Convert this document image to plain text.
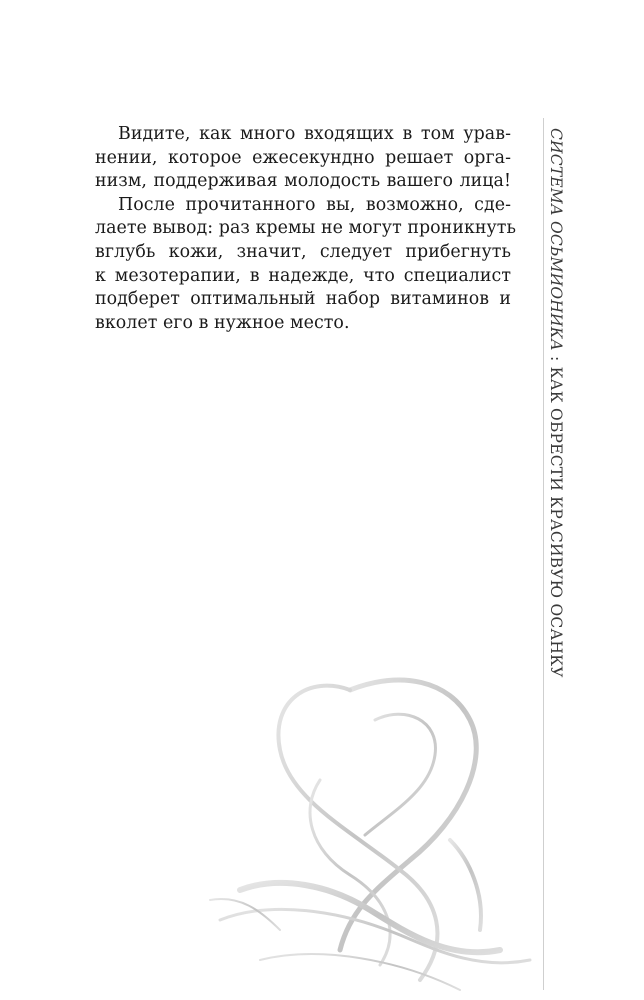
Видите, как много входящих в том урав-
нении, которое ежесекундно решает орга-
низм, поддерживая молодость вашего лица!
После прочитанного вы, возможно, сде-
лаете вывод: раз кремы не могут проникнуть
вглубь кожи, значит, следует прибегнуть
к мезотерапии, в надежде, что специалист
подберет оптимальный набор витаминов и
вколет его в нужное место.	СИСТЕМА ОСЬМИОНИКА : КАК ОБРЕСТИ КРАСИВУЮ ОСАНКУ
